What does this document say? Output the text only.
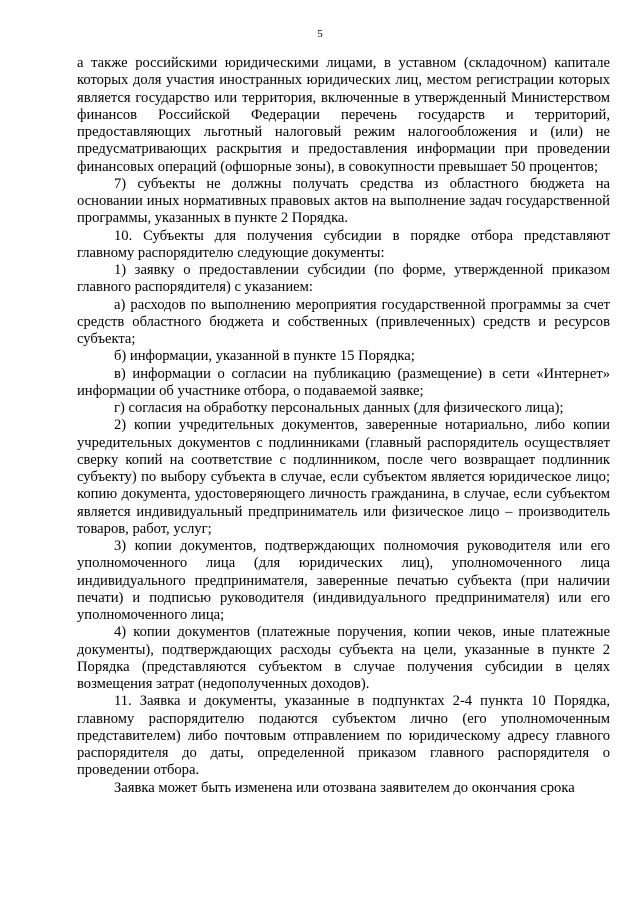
5

а также российскими юридическими лицами, в уставном (складочном) капитале которых доля участия иностранных юридических лиц, местом регистрации которых является государство или территория, включенные в утвержденный Министерством финансов Российской Федерации перечень государств и территорий, предоставляющих льготный налоговый режим налогообложения и (или) не предусматривающих раскрытия и предоставления информации при проведении финансовых операций (офшорные зоны), в совокупности превышает 50 процентов;

7) субъекты не должны получать средства из областного бюджета на основании иных нормативных правовых актов на выполнение задач государственной программы, указанных в пункте 2 Порядка.

10. Субъекты для получения субсидии в порядке отбора представляют главному распорядителю следующие документы:

1) заявку о предоставлении субсидии (по форме, утвержденной приказом главного распорядителя) с указанием:

а) расходов по выполнению мероприятия государственной программы за счет средств областного бюджета и собственных (привлеченных) средств и ресурсов субъекта;

б) информации, указанной в пункте 15 Порядка;

в) информации о согласии на публикацию (размещение) в сети «Интернет» информации об участнике отбора, о подаваемой заявке;

г) согласия на обработку персональных данных (для физического лица);

2) копии учредительных документов, заверенные нотариально, либо копии учредительных документов с подлинниками (главный распорядитель осуществляет сверку копий на соответствие с подлинником, после чего возвращает подлинник субъекту) по выбору субъекта в случае, если субъектом является юридическое лицо; копию документа, удостоверяющего личность гражданина, в случае, если субъектом является индивидуальный предприниматель или физическое лицо – производитель товаров, работ, услуг;

3) копии документов, подтверждающих полномочия руководителя или его уполномоченного лица (для юридических лиц), уполномоченного лица индивидуального предпринимателя, заверенные печатью субъекта (при наличии печати) и подписью руководителя (индивидуального предпринимателя) или его уполномоченного лица;

4) копии документов (платежные поручения, копии чеков, иные платежные документы), подтверждающих расходы субъекта на цели, указанные в пункте 2 Порядка (представляются субъектом в случае получения субсидии в целях возмещения затрат (недополученных доходов).

11. Заявка и документы, указанные в подпунктах 2-4 пункта 10 Порядка, главному распорядителю подаются субъектом лично (его уполномоченным представителем) либо почтовым отправлением по юридическому адресу главного распорядителя до даты, определенной приказом главного распорядителя о проведении отбора.

Заявка может быть изменена или отозвана заявителем до окончания срока
